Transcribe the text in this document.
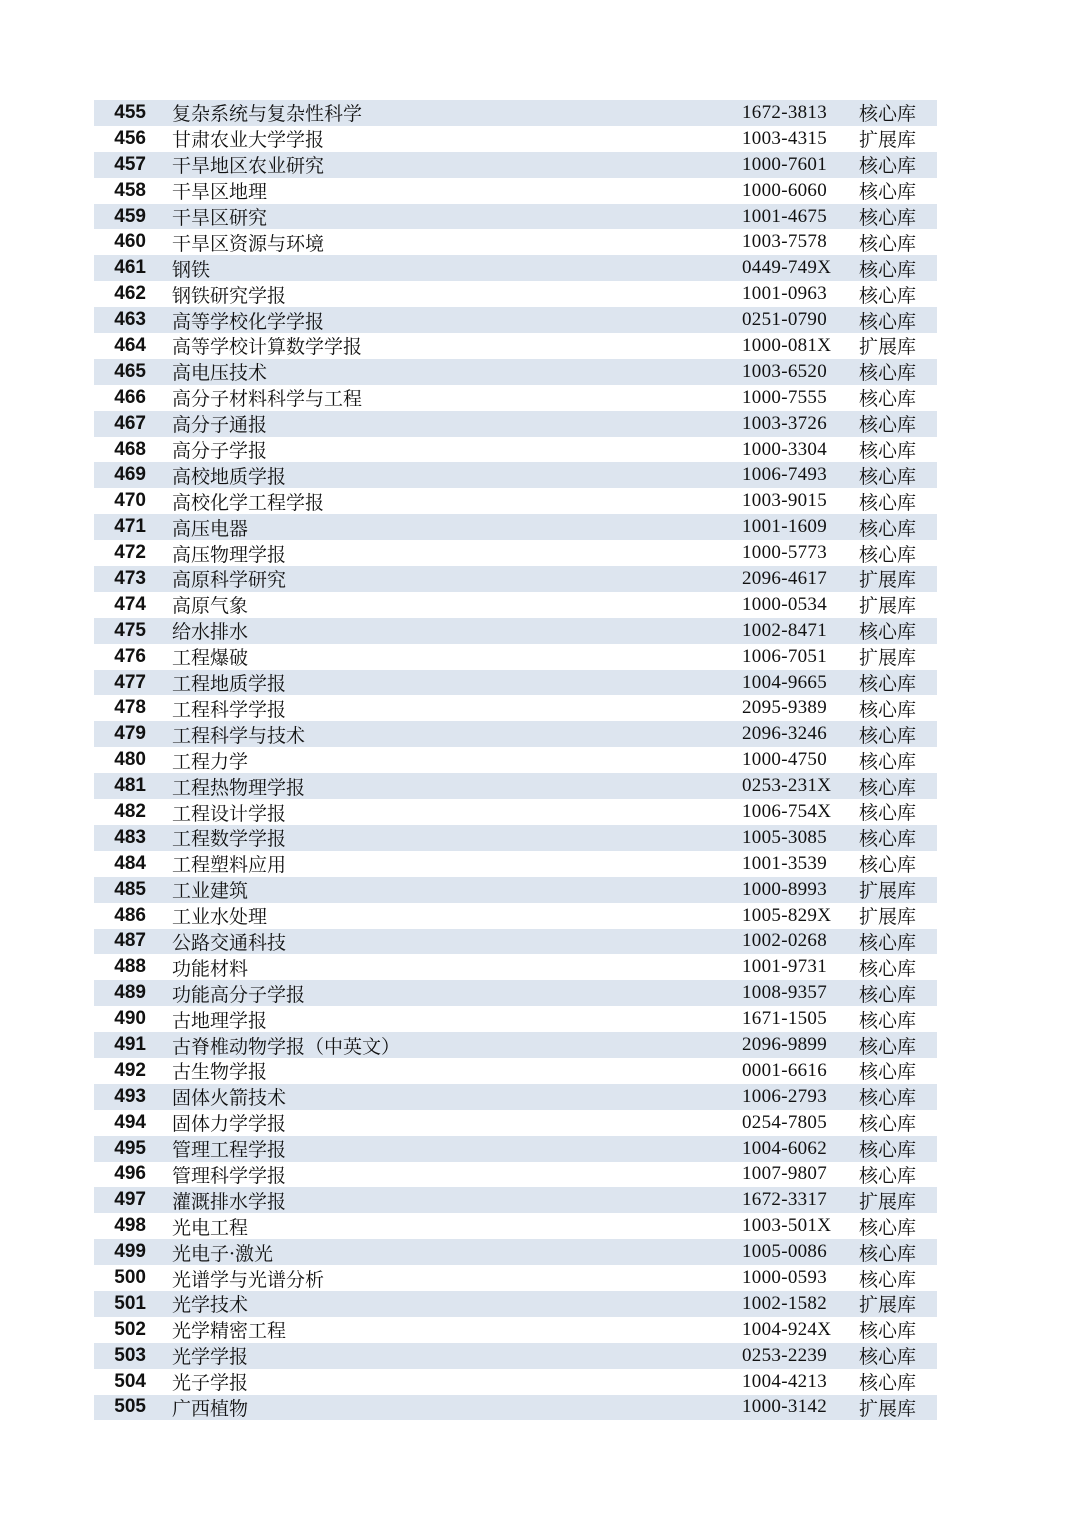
455 复杂系统与复杂性科学	1672-3813 核心库
456 甘肃农业大学学报	1003-4315 扩展库
457 干旱地区农业研究	1000-7601 核心库
458 干旱区地理	1000-6060 核心库
459 干旱区研究	1001-4675 核心库
460 干旱区资源与环境	1003-7578 核心库
461 钢铁	0449-749X 核心库
462 钢铁研究学报	1001-0963 核心库
463 高等学校化学学报	0251-0790 核心库
464 高等学校计算数学学报	1000-081X 扩展库
465 高电压技术	1003-6520 核心库
466 高分子材料科学与工程	1000-7555 核心库
467 高分子通报	1003-3726 核心库
468 高分子学报	1000-3304 核心库
469 高校地质学报	1006-7493 核心库
470 高校化学工程学报	1003-9015 核心库
471 高压电器	1001-1609 核心库
472 高压物理学报	1000-5773 核心库
473 高原科学研究	2096-4617 扩展库
474 高原气象	1000-0534 扩展库
475 给水排水	1002-8471 核心库
476 工程爆破	1006-7051 扩展库
477 工程地质学报	1004-9665 核心库
478 工程科学学报	2095-9389 核心库
479 工程科学与技术	2096-3246 核心库
480 工程力学	1000-4750 核心库
481 工程热物理学报	0253-231X 核心库
482 工程设计学报	1006-754X 核心库
483 工程数学学报	1005-3085 核心库
484 工程塑料应用	1001-3539 核心库
485 工业建筑	1000-8993 扩展库
486 工业水处理	1005-829X 扩展库
487 公路交通科技	1002-0268 核心库
488 功能材料	1001-9731 核心库
489 功能高分子学报	1008-9357 核心库
490 古地理学报	1671-1505 核心库
491 古脊椎动物学报（中英文）	2096-9899 核心库
492 古生物学报	0001-6616 核心库
493 固体火箭技术	1006-2793 核心库
494 固体力学学报	0254-7805 核心库
495 管理工程学报	1004-6062 核心库
496 管理科学学报	1007-9807 核心库
497 灌溉排水学报	1672-3317 扩展库
498 光电工程	1003-501X 核心库
499 光电子·激光	1005-0086 核心库
500 光谱学与光谱分析	1000-0593 核心库
501 光学技术	1002-1582 扩展库
502 光学精密工程	1004-924X 核心库
503 光学学报	0253-2239 核心库
504 光子学报	1004-4213 核心库
505 广西植物	1000-3142 扩展库
